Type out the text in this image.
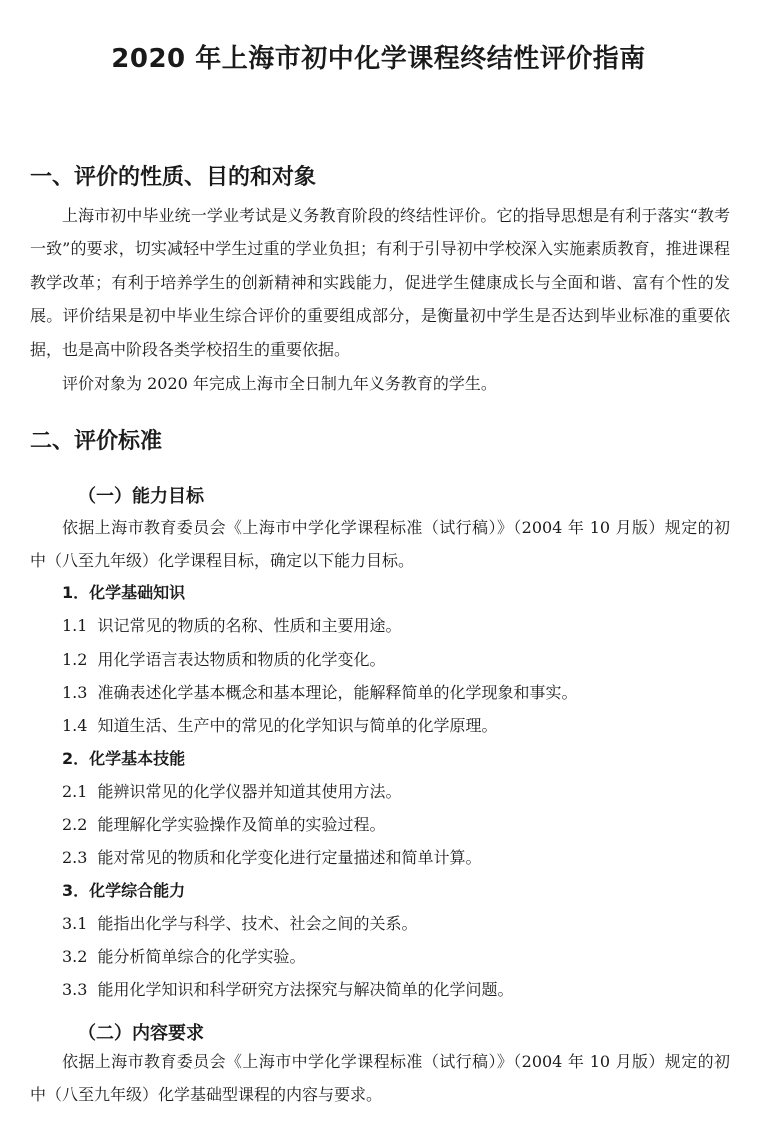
2020 年上海市初中化学课程终结性评价指南
一、评价的性质、目的和对象

上海市初中毕业统一学业考试是义务教育阶段的终结性评价。它的指导思想是有利于落实“教考一致”的要求，切实减轻中学生过重的学业负担；有利于引导初中学校深入实施素质教育，推进课程教学改革；有利于培养学生的创新精神和实践能力，促进学生健康成长与全面和谐、富有个性的发展。评价结果是初中毕业生综合评价的重要组成部分，是衡量初中学生是否达到毕业标准的重要依据，也是高中阶段各类学校招生的重要依据。

评价对象为 2020 年完成上海市全日制九年义务教育的学生。

二、评价标准
（一）能力目标

依据上海市教育委员会《上海市中学化学课程标准（试行稿）》（2004 年 10 月版）规定的初中（八至九年级）化学课程目标，确定以下能力目标。

1．化学基础知识
1.1 识记常见的物质的名称、性质和主要用途。
1.2 用化学语言表达物质和物质的化学变化。
1.3 准确表述化学基本概念和基本理论，能解释简单的化学现象和事实。
1.4 知道生活、生产中的常见的化学知识与简单的化学原理。
2．化学基本技能
2.1 能辨识常见的化学仪器并知道其使用方法。
2.2 能理解化学实验操作及简单的实验过程。
2.3 能对常见的物质和化学变化进行定量描述和简单计算。
3．化学综合能力
3.1 能指出化学与科学、技术、社会之间的关系。
3.2 能分析简单综合的化学实验。
3.3 能用化学知识和科学研究方法探究与解决简单的化学问题。
（二）内容要求

依据上海市教育委员会《上海市中学化学课程标准（试行稿）》（2004 年 10 月版）规定的初中（八至九年级）化学基础型课程的内容与要求。
